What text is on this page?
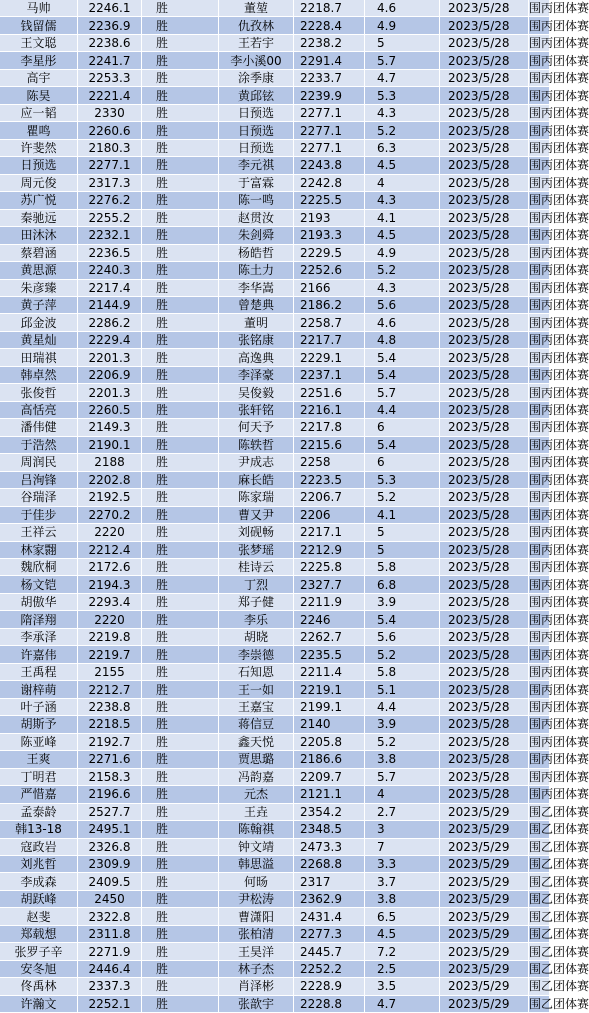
马帅	2246.1	胜	董堃	2218.7	4.6	2023/5/28	围丙团体赛
钱留儒	2236.9	胜	仇孜林	2228.4	4.9	2023/5/28	围丙团体赛
王文聪	2238.6	胜	王若宇	2238.2	5	2023/5/28	围丙团体赛
李星彤	2241.7	胜	李小溪00	2291.4	5.7	2023/5/28	围丙团体赛
高宇	2253.3	胜	涂季康	2233.7	4.7	2023/5/28	围丙团体赛
陈昊	2221.4	胜	黄邱铉	2239.9	5.3	2023/5/28	围丙团体赛
应一韬	2330	胜	日预选	2277.1	4.3	2023/5/28	围丙团体赛
瞿鸣	2260.6	胜	日预选	2277.1	5.2	2023/5/28	围丙团体赛
许斐然	2180.3	胜	日预选	2277.1	6.3	2023/5/28	围丙团体赛
日预选	2277.1	胜	李元祺	2243.8	4.5	2023/5/28	围丙团体赛
周元俊	2317.3	胜	于富霖	2242.8	4	2023/5/28	围丙团体赛
苏广悦	2276.2	胜	陈一鸣	2225.5	4.3	2023/5/28	围丙团体赛
秦驰远	2255.2	胜	赵贯汝	2193	4.1	2023/5/28	围丙团体赛
田沐沐	2232.1	胜	朱剑舜	2193.3	4.5	2023/5/28	围丙团体赛
蔡碧涵	2236.5	胜	杨皓哲	2229.5	4.9	2023/5/28	围丙团体赛
黄思源	2240.3	胜	陈土力	2252.6	5.2	2023/5/28	围丙团体赛
朱彦臻	2217.4	胜	李华嵩	2166	4.3	2023/5/28	围丙团体赛
黄子萍	2144.9	胜	曾楚典	2186.2	5.6	2023/5/28	围丙团体赛
邱金波	2286.2	胜	董明	2258.7	4.6	2023/5/28	围丙团体赛
黄星灿	2229.4	胜	张铭康	2217.7	4.8	2023/5/28	围丙团体赛
田瑞祺	2201.3	胜	高逸典	2229.1	5.4	2023/5/28	围丙团体赛
韩卓然	2206.9	胜	李泽豪	2237.1	5.4	2023/5/28	围丙团体赛
张俊哲	2201.3	胜	吴俊毅	2251.6	5.7	2023/5/28	围丙团体赛
高恬亮	2260.5	胜	张轩铭	2216.1	4.4	2023/5/28	围丙团体赛
潘伟健	2149.3	胜	何天予	2217.8	6	2023/5/28	围丙团体赛
于浩然	2190.1	胜	陈轶哲	2215.6	5.4	2023/5/28	围丙团体赛
周润民	2188	胜	尹成志	2258	6	2023/5/28	围丙团体赛
吕洵锋	2202.8	胜	麻长皓	2223.5	5.3	2023/5/28	围丙团体赛
谷瑞泽	2192.5	胜	陈家瑞	2206.7	5.2	2023/5/28	围丙团体赛
于佳步	2270.2	胜	曹又尹	2206	4.1	2023/5/28	围丙团体赛
王祥云	2220	胜	刘砚畅	2217.1	5	2023/5/28	围丙团体赛
林家翾	2212.4	胜	张梦瑶	2212.9	5	2023/5/28	围丙团体赛
魏欣桐	2172.6	胜	桂诗云	2225.8	5.8	2023/5/28	围丙团体赛
杨文铠	2194.3	胜	丁烈	2327.7	6.8	2023/5/28	围丙团体赛
胡傲华	2293.4	胜	郑子健	2211.9	3.9	2023/5/28	围丙团体赛
隋泽翔	2220	胜	李乐	2246	5.4	2023/5/28	围丙团体赛
李承泽	2219.8	胜	胡晓	2262.7	5.6	2023/5/28	围丙团体赛
许嘉伟	2219.7	胜	李崇德	2235.5	5.2	2023/5/28	围丙团体赛
王禹程	2155	胜	石知恩	2211.4	5.8	2023/5/28	围丙团体赛
谢梓萌	2212.7	胜	王一如	2219.1	5.1	2023/5/28	围丙团体赛
叶子涵	2238.8	胜	王嘉宝	2199.1	4.4	2023/5/28	围丙团体赛
胡斯予	2218.5	胜	蒋信豆	2140	3.9	2023/5/28	围丙团体赛
陈亚峰	2192.7	胜	鑫天悦	2205.8	5.2	2023/5/28	围丙团体赛
王爽	2271.6	胜	贾思璐	2186.6	3.8	2023/5/28	围丙团体赛
丁明君	2158.3	胜	冯韵嘉	2209.7	5.7	2023/5/28	围丙团体赛
严惜嘉	2196.6	胜	元杰	2121.1	4	2023/5/28	围丙团体赛
孟泰龄	2527.7	胜	王垚	2354.2	2.7	2023/5/29	围乙团体赛
韩13-18	2495.1	胜	陈翰祺	2348.5	3	2023/5/29	围乙团体赛
寇政岩	2326.8	胜	钟文靖	2473.3	7	2023/5/29	围乙团体赛
刘兆哲	2309.9	胜	韩思溢	2268.8	3.3	2023/5/29	围乙团体赛
李成森	2409.5	胜	何旸	2317	3.7	2023/5/29	围乙团体赛
胡跃峰	2450	胜	尹松涛	2362.9	3.8	2023/5/29	围乙团体赛
赵斐	2322.8	胜	曹潇阳	2431.4	6.5	2023/5/29	围乙团体赛
郑载想	2311.8	胜	张柏清	2277.3	4.5	2023/5/29	围乙团体赛
张罗子辛	2271.9	胜	王昊洋	2445.7	7.2	2023/5/29	围乙团体赛
安冬旭	2446.4	胜	林子杰	2252.2	2.5	2023/5/29	围乙团体赛
佟禹林	2337.3	胜	肖泽彬	2228.9	3.5	2023/5/29	围乙团体赛
许瀚文	2252.1	胜	张歆宇	2228.8	4.7	2023/5/29	围乙团体赛
